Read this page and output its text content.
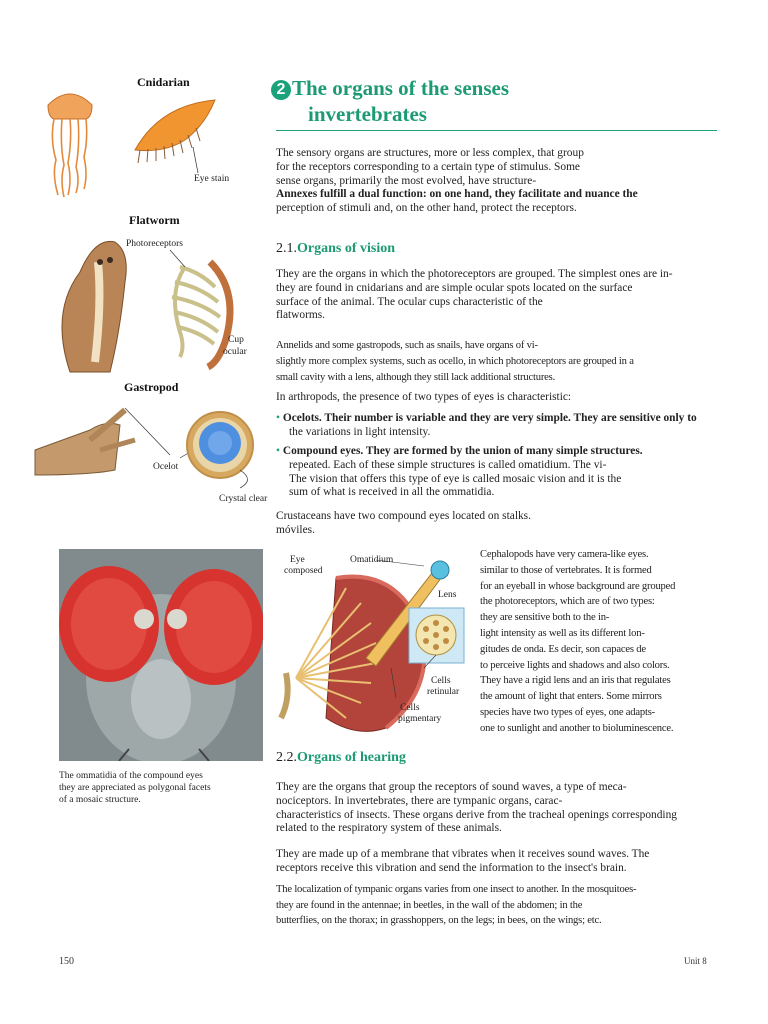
Cnidarian
Eye stain
Flatworm
Photoreceptors
Cup
ocular
Gastropod
Ocelot
Crystal clear
The ommatidia of the compound eyes
they are appreciated as polygonal facets
of a mosaic structure.
2 The organs of the senses
invertebrates

The sensory organs are structures, more or less complex, that group

for the receptors corresponding to a certain type of stimulus. Some

sense organs, primarily the most evolved, have structure-

Annexes fulfill a dual function: on one hand, they facilitate and nuance the

perception of stimuli and, on the other hand, protect the receptors.

2.1.Organs of vision

They are the organs in which the photoreceptors are grouped. The simplest ones are in-

they are found in cnidarians and are simple ocular spots located on the surface

surface of the animal. The ocular cups characteristic of the

flatworms.

Annelids and some gastropods, such as snails, have organs of vi-

slightly more complex systems, such as ocello, in which photoreceptors are grouped in a

small cavity with a lens, although they still lack additional structures.

In arthropods, the presence of two types of eyes is characteristic:

• Ocelots. Their number is variable and they are very simple. They are sensitive only to

the variations in light intensity.

• Compound eyes. They are formed by the union of many simple structures.

repeated. Each of these simple structures is called omatidium. The vi-

The vision that offers this type of eye is called mosaic vision and it is the

sum of what is received in all the ommatidia.

Crustaceans have two compound eyes located on stalks.

móviles.

Eye
composed
Omatidium
Lens
Cells
retinular
Cells
pigmentary

Cephalopods have very camera-like eyes.

similar to those of vertebrates. It is formed

for an eyeball in whose background are grouped

the photoreceptors, which are of two types:

they are sensitive both to the in-

light intensity as well as its different lon-

gitudes de onda. Es decir, son capaces de

to perceive lights and shadows and also colors.

They have a rigid lens and an iris that regulates

the amount of light that enters. Some mirrors

species have two types of eyes, one adapts-

one to sunlight and another to bioluminescence.

2.2.Organs of hearing

They are the organs that group the receptors of sound waves, a type of meca-

nociceptors. In invertebrates, there are tympanic organs, carac-

characteristics of insects. These organs derive from the tracheal openings corresponding

related to the respiratory system of these animals.

They are made up of a membrane that vibrates when it receives sound waves. The

receptors receive this vibration and send the information to the insect's brain.

The localization of tympanic organs varies from one insect to another. In the mosquitoes-

they are found in the antennae; in beetles, in the wall of the abdomen; in the

butterflies, on the thorax; in grasshoppers, on the legs; in bees, on the wings; etc.

150	Unit 8
